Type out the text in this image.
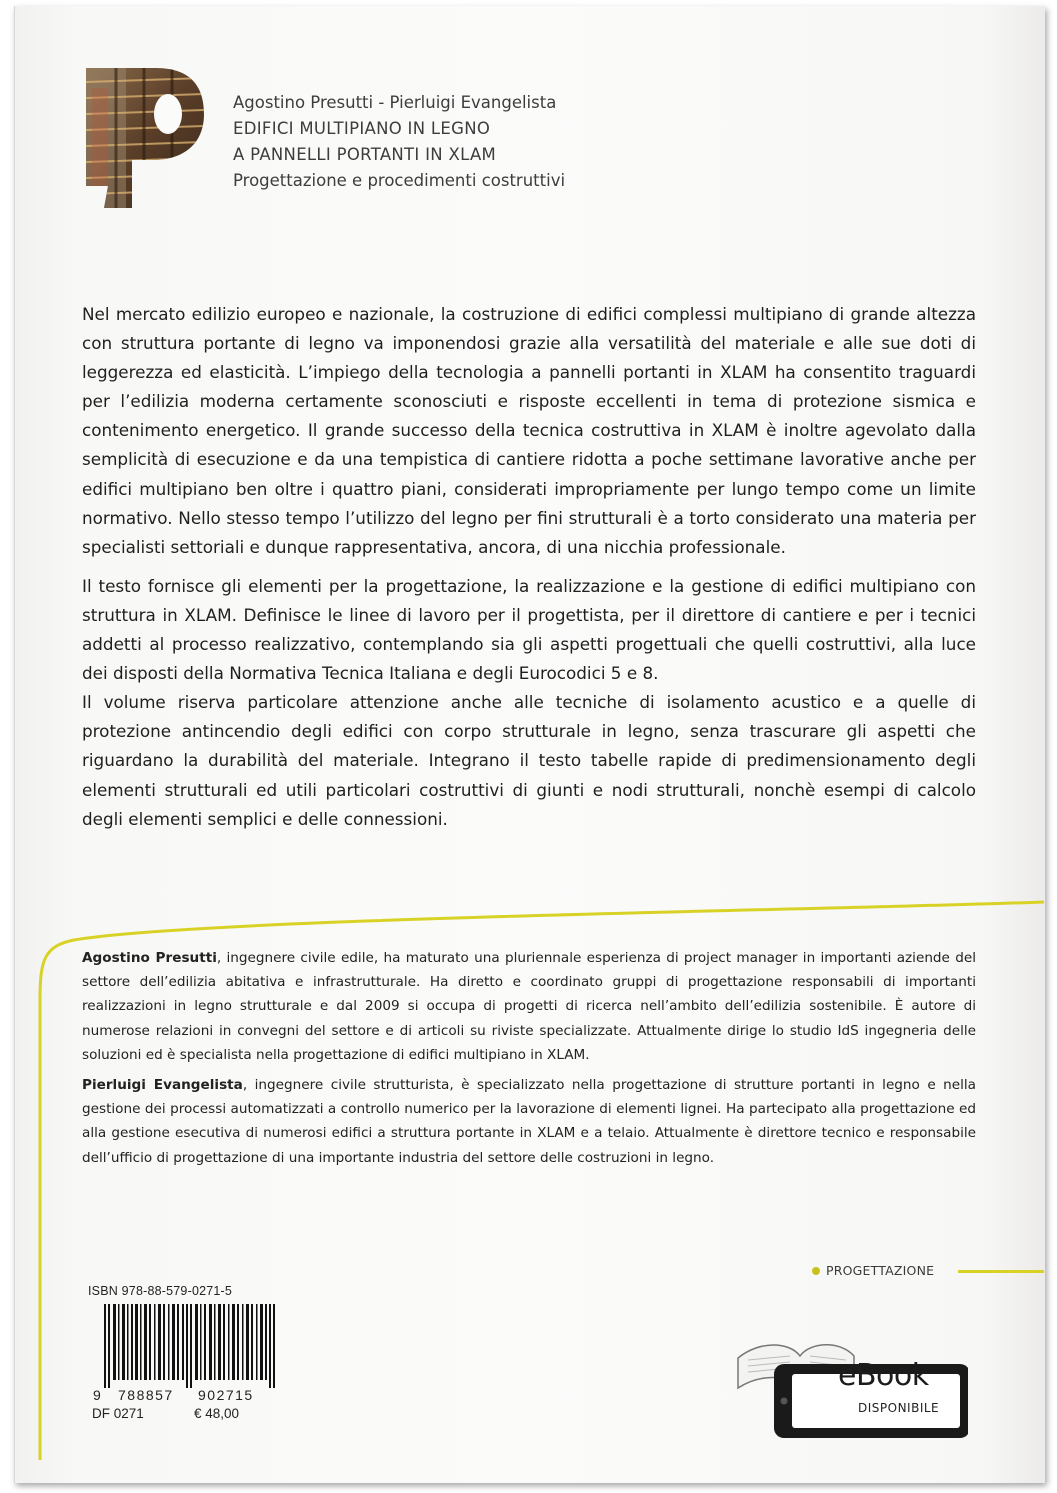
Agostino Presutti - Pierluigi Evangelista
EDIFICI MULTIPIANO IN LEGNO
A PANNELLI PORTANTI IN XLAM
Progettazione e procedimenti costruttivi

Nel mercato edilizio europeo e nazionale, la costruzione di edifici complessi multipiano di grande altezza con struttura portante di legno va imponendosi grazie alla versatilità del materiale e alle sue doti di leggerezza ed elasticità. L’impiego della tecnologia a pannelli portanti in XLAM ha consentito traguardi per l’edilizia moderna certamente sconosciuti e risposte eccellenti in tema di protezione sismica e contenimento energetico. Il grande successo della tecnica costruttiva in XLAM è inoltre agevolato dalla semplicità di esecuzione e da una tempistica di cantiere ridotta a poche settimane lavorative anche per edifici multipiano ben oltre i quattro piani, considerati impropriamente per lungo tempo come un limite normativo. Nello stesso tempo l’utilizzo del legno per fini strutturali è a torto considerato una materia per specialisti settoriali e dunque rappresentativa, ancora, di una nicchia professionale.

Il testo fornisce gli elementi per la progettazione, la realizzazione e la gestione di edifici multipiano con struttura in XLAM. Definisce le linee di lavoro per il progettista, per il direttore di cantiere e per i tecnici addetti al processo realizzativo, contemplando sia gli aspetti progettuali che quelli costruttivi, alla luce dei disposti della Normativa Tecnica Italiana e degli Eurocodici 5 e 8.

Il volume riserva particolare attenzione anche alle tecniche di isolamento acustico e a quelle di protezione antincendio degli edifici con corpo strutturale in legno, senza trascurare gli aspetti che riguardano la durabilità del materiale. Integrano il testo tabelle rapide di predimensionamento degli elementi strutturali ed utili particolari costruttivi di giunti e nodi strutturali, nonchè esempi di calcolo degli elementi semplici e delle connessioni.

Agostino Presutti, ingegnere civile edile, ha maturato una pluriennale esperienza di project manager in importanti aziende del settore dell’edilizia abitativa e infrastrutturale. Ha diretto e coordinato gruppi di progettazione responsabili di importanti realizzazioni in legno strutturale e dal 2009 si occupa di progetti di ricerca nell’ambito dell’edilizia sostenibile. È autore di numerose relazioni in convegni del settore e di articoli su riviste specializzate. Attualmente dirige lo studio IdS ingegneria delle soluzioni ed è specialista nella progettazione di edifici multipiano in XLAM.

Pierluigi Evangelista, ingegnere civile strutturista, è specializzato nella progettazione di strutture portanti in legno e nella gestione dei processi automatizzati a controllo numerico per la lavorazione di elementi lignei. Ha partecipato alla progettazione ed alla gestione esecutiva di numerosi edifici a struttura portante in XLAM e a telaio. Attualmente è direttore tecnico e responsabile dell’ufficio di progettazione di una importante industria del settore delle costruzioni in legno.

PROGETTAZIONE
ISBN 978-88-579-0271-5
9 788857 902715
DF 0271	€ 48,00
eBook
DISPONIBILE
